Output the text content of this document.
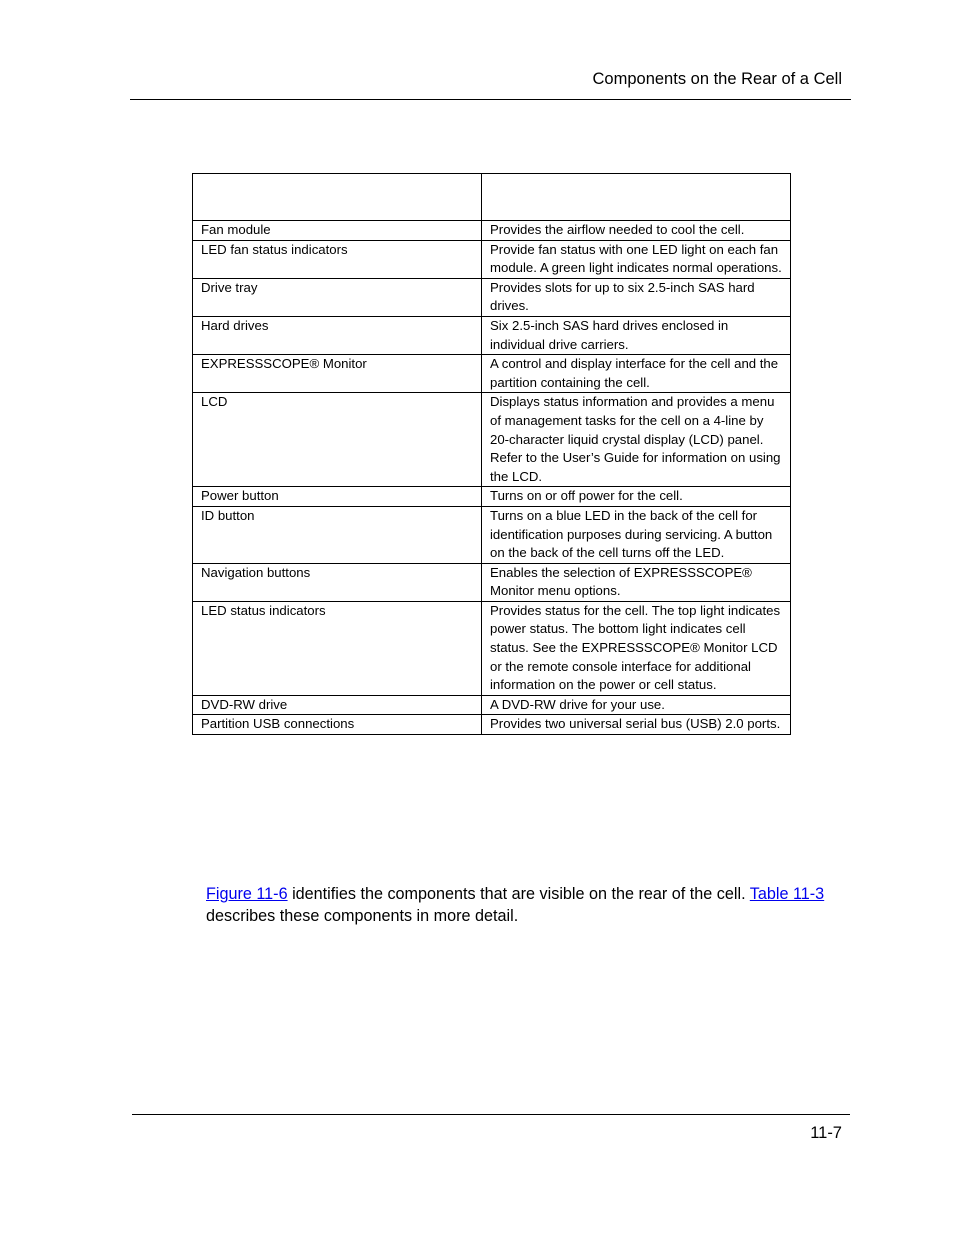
Components on the Rear of a Cell

Fan module	Provides the airflow needed to cool the cell.
LED fan status indicators	Provide fan status with one LED light on each fan module. A green light indicates normal operations.
Drive tray	Provides slots for up to six 2.5-inch SAS hard drives.
Hard drives	Six 2.5-inch SAS hard drives enclosed in individual drive carriers.
EXPRESSSCOPE® Monitor	A control and display interface for the cell and the partition containing the cell.
LCD	Displays status information and provides a menu of management tasks for the cell on a 4-line by 20-character liquid crystal display (LCD) panel. Refer to the User’s Guide for information on using the LCD.
Power button	Turns on or off power for the cell.
ID button	Turns on a blue LED in the back of the cell for identification purposes during servicing. A button on the back of the cell turns off the LED.
Navigation buttons	Enables the selection of EXPRESSSCOPE® Monitor menu options.
LED status indicators	Provides status for the cell. The top light indicates power status. The bottom light indicates cell status. See the EXPRESSSCOPE® Monitor LCD or the remote console interface for additional information on the power or cell status.
DVD-RW drive	A DVD-RW drive for your use.
Partition USB connections	Provides two universal serial bus (USB) 2.0 ports.

Figure 11-6 identifies the components that are visible on the rear of the cell. Table 11-3 describes these components in more detail.

11-7
